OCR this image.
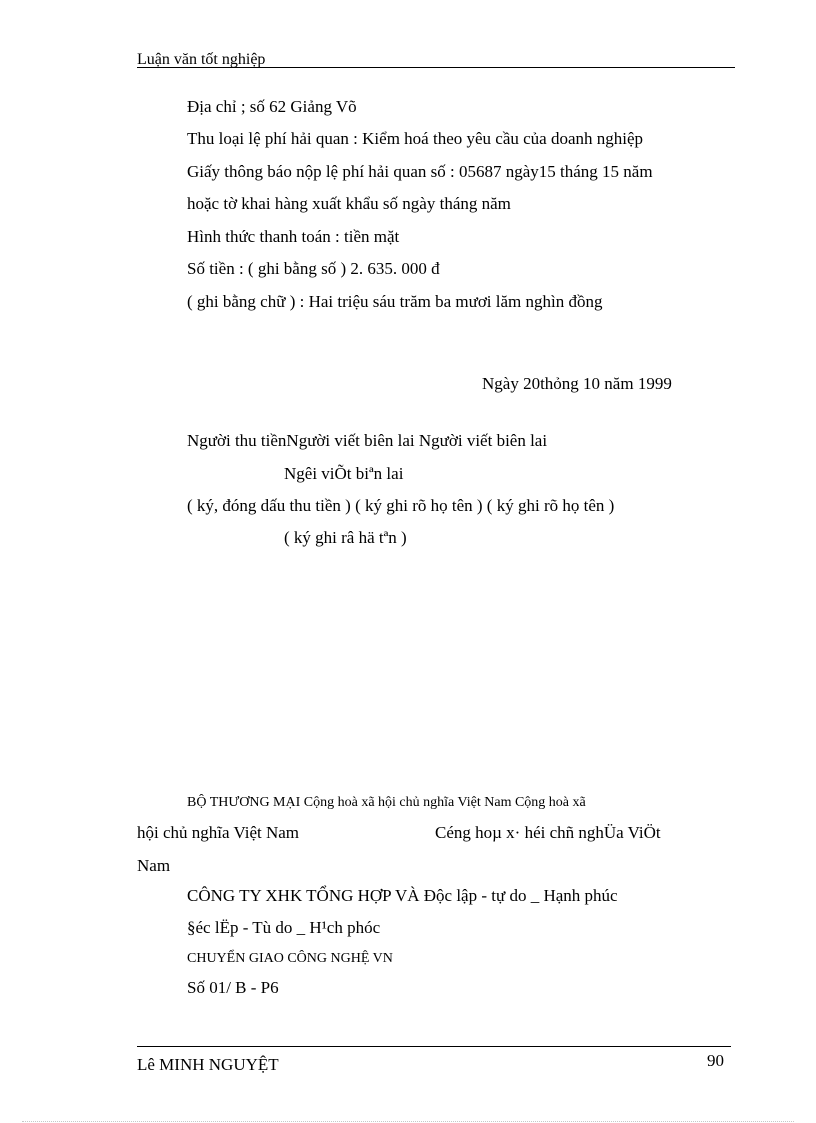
Luận văn tốt nghiệp
Địa chỉ ; số 62 Giảng Võ
Thu loại lệ phí hải quan : Kiểm hoá theo yêu cầu của doanh nghiệp
Giấy thông báo nộp lệ phí hải quan số : 05687 ngày15 tháng 15 năm
hoặc tờ khai hàng xuất khẩu số ngày tháng năm
Hình thức thanh toán : tiền mặt
Số tiền : ( ghi bằng số ) 2. 635. 000 đ
( ghi bằng chữ ) : Hai triệu sáu trăm ba mươi lăm nghìn đồng
Ngày 20thỏng 10 năm 1999
Người thu tiềnNgười viết biên lai Người viết biên lai
Ngêi viÕt biªn lai
( ký, đóng dấu thu tiền ) ( ký ghi rõ họ tên ) ( ký ghi rõ họ tên )
( ký ghi râ hä tªn )
BỘ THƯƠNG MẠI Cộng hoà xã hội chủ nghĩa Việt Nam Cộng hoà xã
hội chủ nghĩa Việt Nam	Céng hoµ x· héi chñ nghÜa ViÖt
Nam
CÔNG TY XHK TỔNG HỢP VÀ Độc lập - tự do _ Hạnh phúc
§éc lËp - Tù do _ H¹ch phóc
CHUYỂN GIAO CÔNG NGHỆ VN
Số 01/ B - P6
Lê MINH NGUYỆT	90
